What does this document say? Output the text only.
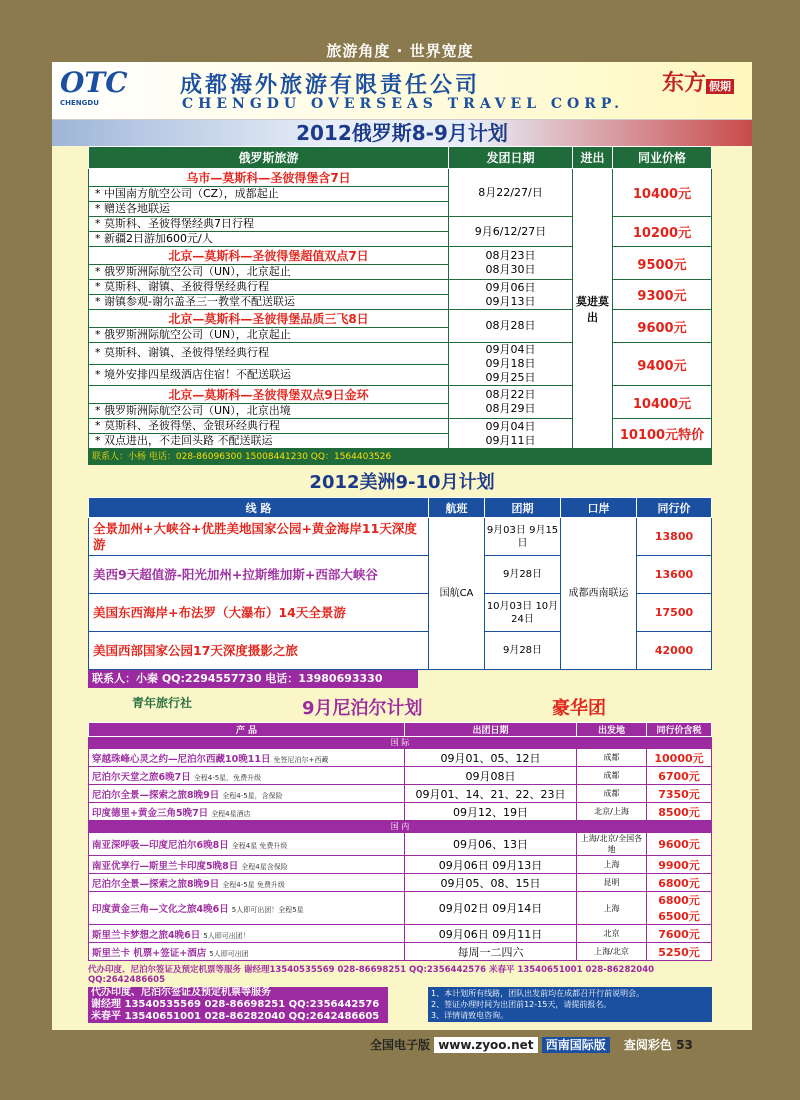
旅游角度 · 世界宽度
OTC
CHENGDU
成都海外旅游有限责任公司
CHENGDU OVERSEAS TRAVEL CORP.
东方 假期
2012俄罗斯8-9月计划
俄罗斯旅游	发团日期	进出	同业价格
乌市—莫斯科—圣彼得堡含7日	8月22/27/日	莫进莫出	10400元
* 中国南方航空公司（CZ），成都起止			
* 赠送各地联运			
* 莫斯科、圣彼得堡经典7日行程	9月6/12/27日		10200元
* 新疆2日游加600元/人			
北京—莫斯科—圣彼得堡超值双点7日	08月23日
08月30日		9500元
* 俄罗斯洲际航空公司（UN），北京起止			
* 莫斯科、谢镇、圣彼得堡经典行程	09月06日
09月13日		9300元
* 谢镇参观-谢尔盖圣三一教堂不配送联运			
北京—莫斯科—圣彼得堡品质三飞8日	08月28日		9600元
* 俄罗斯洲际航空公司（UN），北京起止			
* 莫斯科、谢镇、圣彼得堡经典行程	09月04日
09月18日
09月25日		9400元
* 境外安排四星级酒店住宿！不配送联运			
北京—莫斯科—圣彼得堡双点9日金环	08月22日
08月29日		10400元
* 俄罗斯洲际航空公司（UN），北京出境			
* 莫斯科、圣彼得堡、金银环经典行程	09月04日
09月11日		10100元特价
* 双点进出，不走回头路 不配送联运			
联系人：小杨 电话：028-86096300 15008441230 QQ：1564403526
2012美洲9-10月计划
线 路	航班	团期	口岸	同行价
全景加州+大峡谷+优胜美地国家公园+黄金海岸11天深度游	国航CA	9月03日 9月15日	成都西南联运	13800
美西9天超值游-阳光加州+拉斯维加斯+西部大峡谷		9月28日		13600
美国东西海岸+布法罗（大瀑布）14天全景游		10月03日 10月24日		17500
美国西部国家公园17天深度摄影之旅		9月28日		42000
联系人：小秦 QQ:2294557730 电话：13980693330
青年旅行社	9月尼泊尔计划	豪华团
产 品	出团日期	出发地	同行价含税
国 际			
穿越珠峰心灵之约—尼泊尔西藏10晚11日 免签尼泊尔+西藏	09月01、05、12日	成都	10000元
尼泊尔天堂之旅6晚7日 全程4-5星，免费升级	09月08日	成都	6700元
尼泊尔全景—探索之旅8晚9日 全程4-5星，含保险	09月01、14、21、22、23日	成都	7350元
印度德里+黄金三角5晚7日 全程4星酒店	09月12、19日	北京/上海	8500元
国 内			
南亚深呼吸—印度尼泊尔6晚8日 全程4星 免费升级	09月06、13日	上海/北京/全国各地	9600元
南亚优享行—斯里兰卡印度5晚8日 全程4星含保险	09月06日 09月13日	上海	9900元
尼泊尔全景—探索之旅8晚9日 全程4-5星 免费升级	09月05、08、15日	昆明	6800元
印度黄金三角—文化之旅4晚6日 5人即可出团！全程5星	09月02日 09月14日	上海	6800元 6500元
斯里兰卡梦想之旅4晚6日 5人即可出团！	09月06日 09月11日	北京	7600元
斯里兰卡 机票+签证+酒店 5人即可出团	每周一二四六	上海/北京	5250元
代办印度、尼泊尔签证及预定机票等服务 谢经理13540535569 028-86698251 QQ:2356442576 米春平 13540651001 028-86282040 QQ:2642486605
代办印度、尼泊尔签证及预定机票等服务
谢经理 13540535569 028-86698251 QQ:2356442576
米春平 13540651001 028-86282040 QQ:2642486605
1、本计划所有线路，团队出发前均在成都召开行前说明会。
2、签证办理时间为出团前12-15天，请提前报名。
3、详情请致电咨询。
全国电子版 www.zyoo.net 西南国际版 查阅彩色 53
